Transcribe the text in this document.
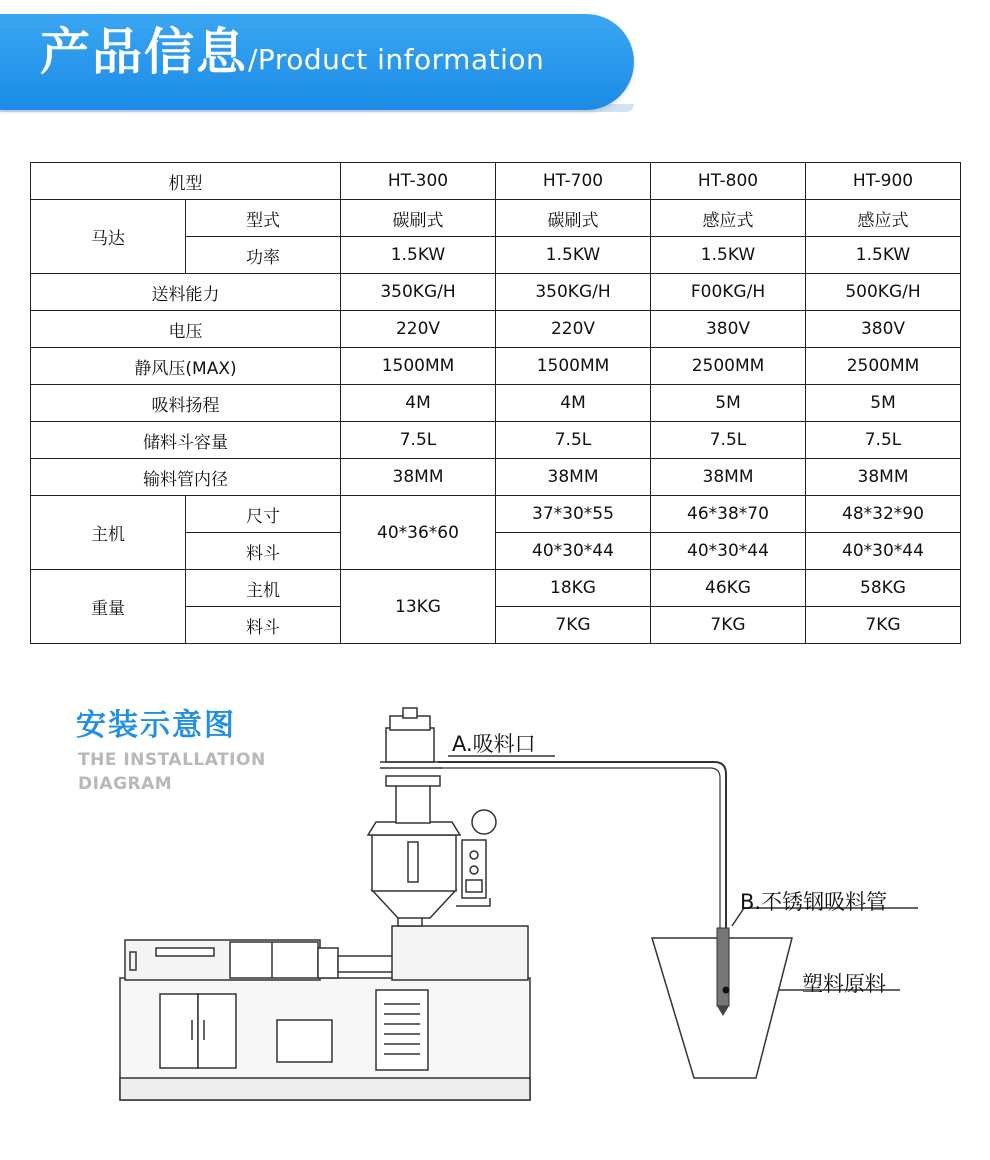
产品信息/Product information
机型		HT-300	HT-700	HT-800	HT-900
马达	型式	碳刷式	碳刷式	感应式	感应式
	功率	1.5KW	1.5KW	1.5KW	1.5KW
送料能力		350KG/H	350KG/H	F00KG/H	500KG/H
电压		220V	220V	380V	380V
静风压(MAX)		1500MM	1500MM	2500MM	2500MM
吸料扬程		4M	4M	5M	5M
储料斗容量		7.5L	7.5L	7.5L	7.5L
输料管内径		38MM	38MM	38MM	38MM
主机	尺寸	40*36*60	37*30*55	46*38*70	48*32*90
	料斗		40*30*44	40*30*44	40*30*44
重量	主机	13KG	18KG	46KG	58KG
	料斗		7KG	7KG	7KG
安装示意图
THE INSTALLATION
DIAGRAM
A.吸料口
B.不锈钢吸料管
塑料原料
